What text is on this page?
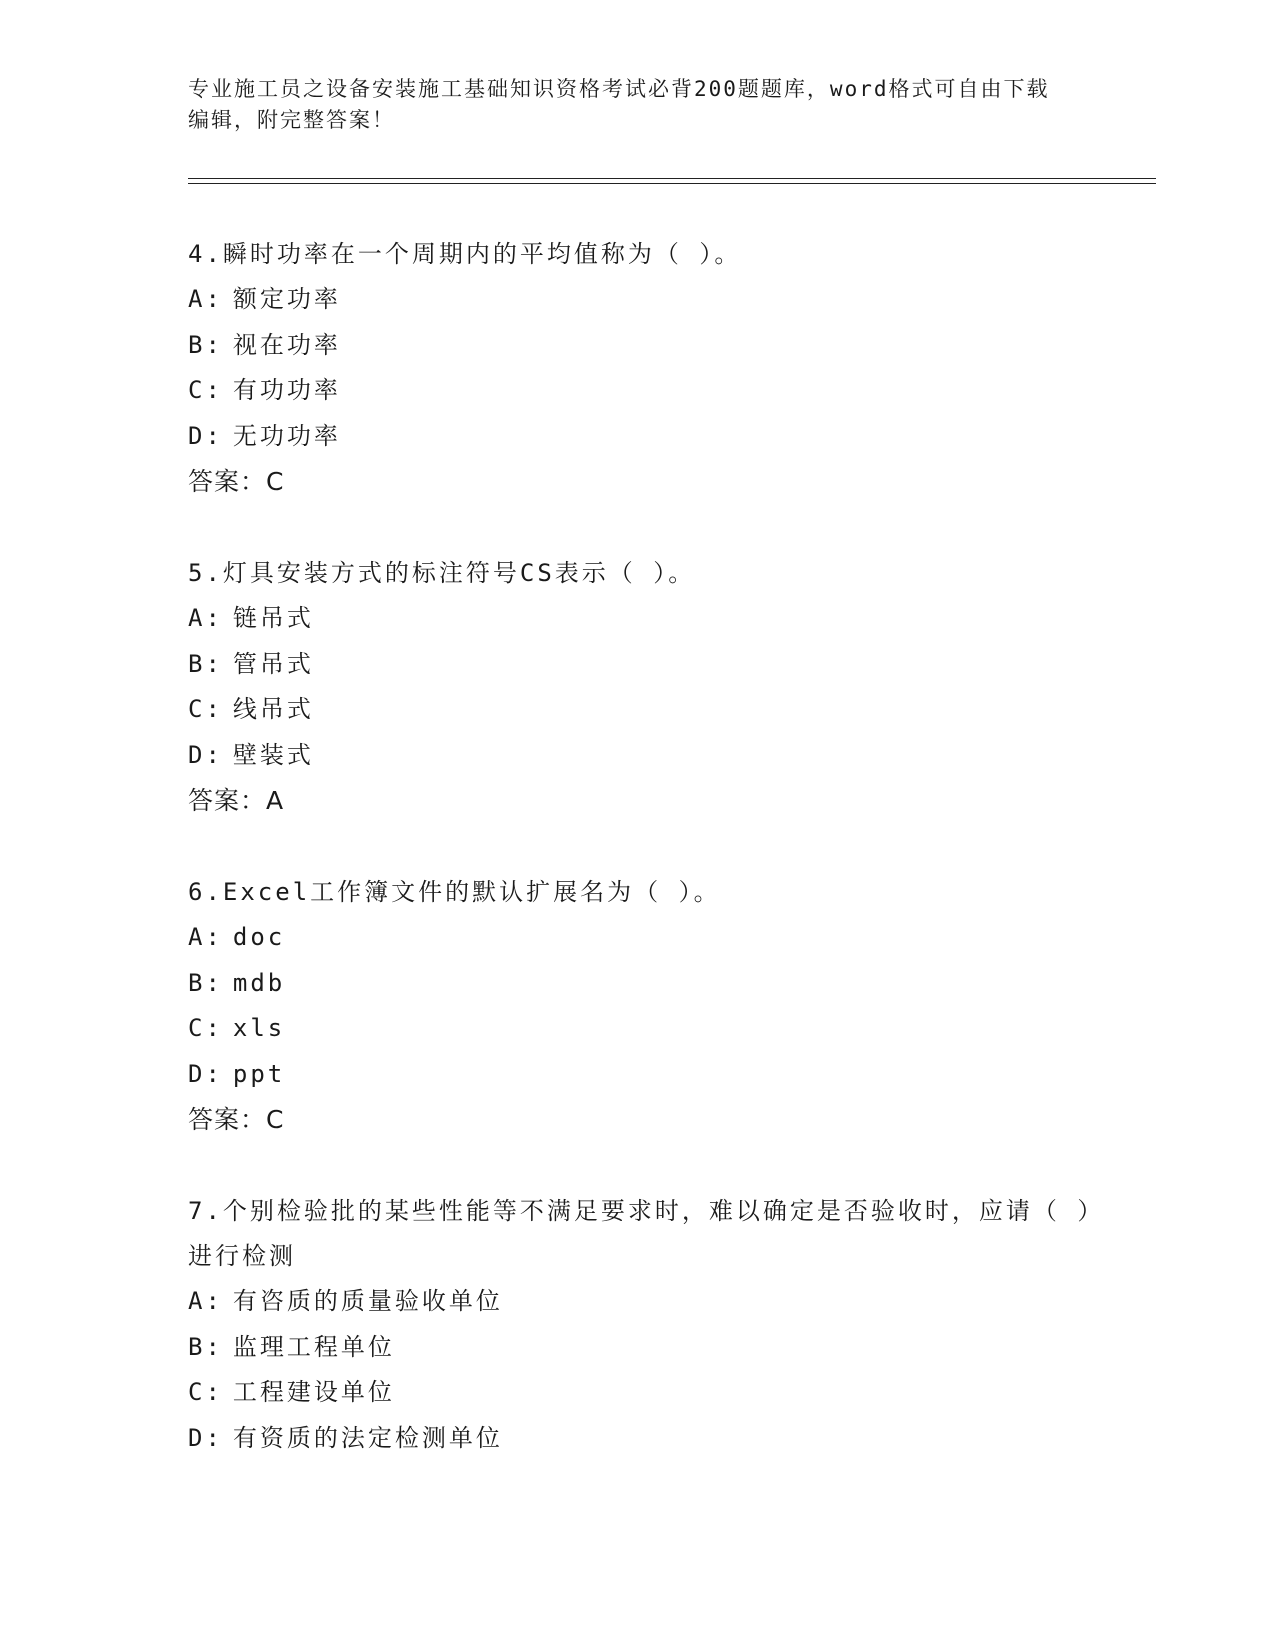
专业施工员之设备安装施工基础知识资格考试必背200题题库，word格式可自由下载编辑，附完整答案！
4.瞬时功率在一个周期内的平均值称为（ ）。
A: 额定功率
B: 视在功率
C: 有功功率
D: 无功功率
答案：C
5.灯具安装方式的标注符号CS表示（ ）。
A: 链吊式
B: 管吊式
C: 线吊式
D: 壁装式
答案：A
6.Excel工作簿文件的默认扩展名为（ ）。
A: doc
B: mdb
C: xls
D: ppt
答案：C
7.个别检验批的某些性能等不满足要求时，难以确定是否验收时，应请（ ）进行检测
A: 有咨质的质量验收单位
B: 监理工程单位
C: 工程建设单位
D: 有资质的法定检测单位
